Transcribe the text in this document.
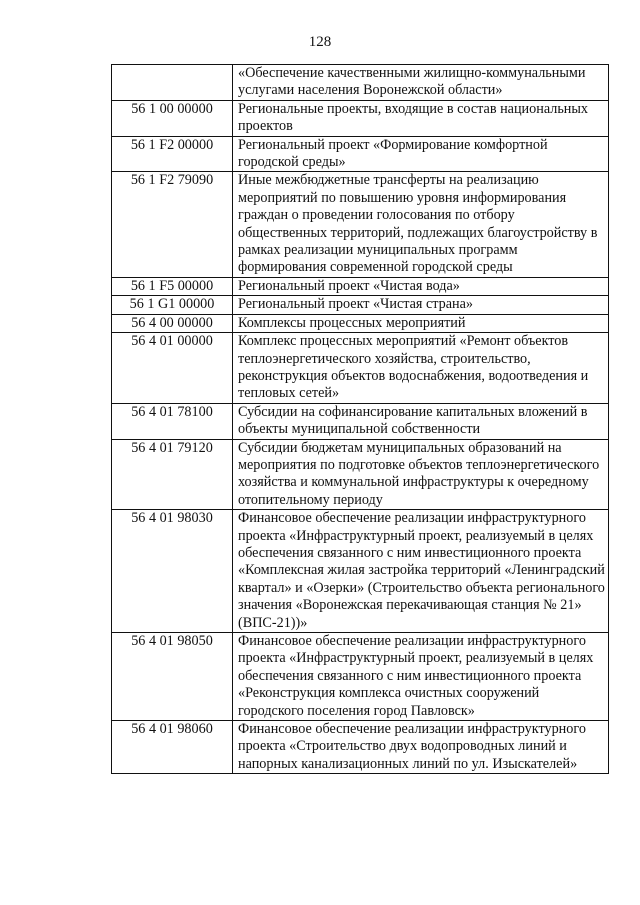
128
	«Обеспечение качественными жилищно-коммунальными услугами населения Воронежской области»
56 1 00 00000	Региональные проекты, входящие в состав национальных проектов
56 1 F2 00000	Региональный проект «Формирование комфортной городской среды»
56 1 F2 79090	Иные межбюджетные трансферты на реализацию мероприятий по повышению уровня информирования граждан о проведении голосования по отбору общественных территорий, подлежащих благоустройству в рамках реализации муниципальных программ формирования современной городской среды
56 1 F5 00000	Региональный проект «Чистая вода»
56 1 G1 00000	Региональный проект «Чистая страна»
56 4 00 00000	Комплексы процессных мероприятий
56 4 01 00000	Комплекс процессных мероприятий «Ремонт объектов теплоэнергетического хозяйства, строительство, реконструкция объектов водоснабжения, водоотведения и тепловых сетей»
56 4 01 78100	Субсидии на софинансирование капитальных вложений в объекты муниципальной собственности
56 4 01 79120	Субсидии бюджетам муниципальных образований на мероприятия по подготовке объектов теплоэнергетического хозяйства и коммунальной инфраструктуры к очередному отопительному периоду
56 4 01 98030	Финансовое обеспечение реализации инфраструктурного проекта «Инфраструктурный проект, реализуемый в целях обеспечения связанного с ним инвестиционного проекта «Комплексная жилая застройка территорий «Ленинградский квартал» и «Озерки» (Строительство объекта регионального значения «Воронежская перекачивающая станция № 21» (ВПС-21))»
56 4 01 98050	Финансовое обеспечение реализации инфраструктурного проекта «Инфраструктурный проект, реализуемый в целях обеспечения связанного с ним инвестиционного проекта «Реконструкция комплекса очистных сооружений городского поселения город Павловск»
56 4 01 98060	Финансовое обеспечение реализации инфраструктурного проекта «Строительство двух водопроводных линий и напорных канализационных линий по ул. Изыскателей»
